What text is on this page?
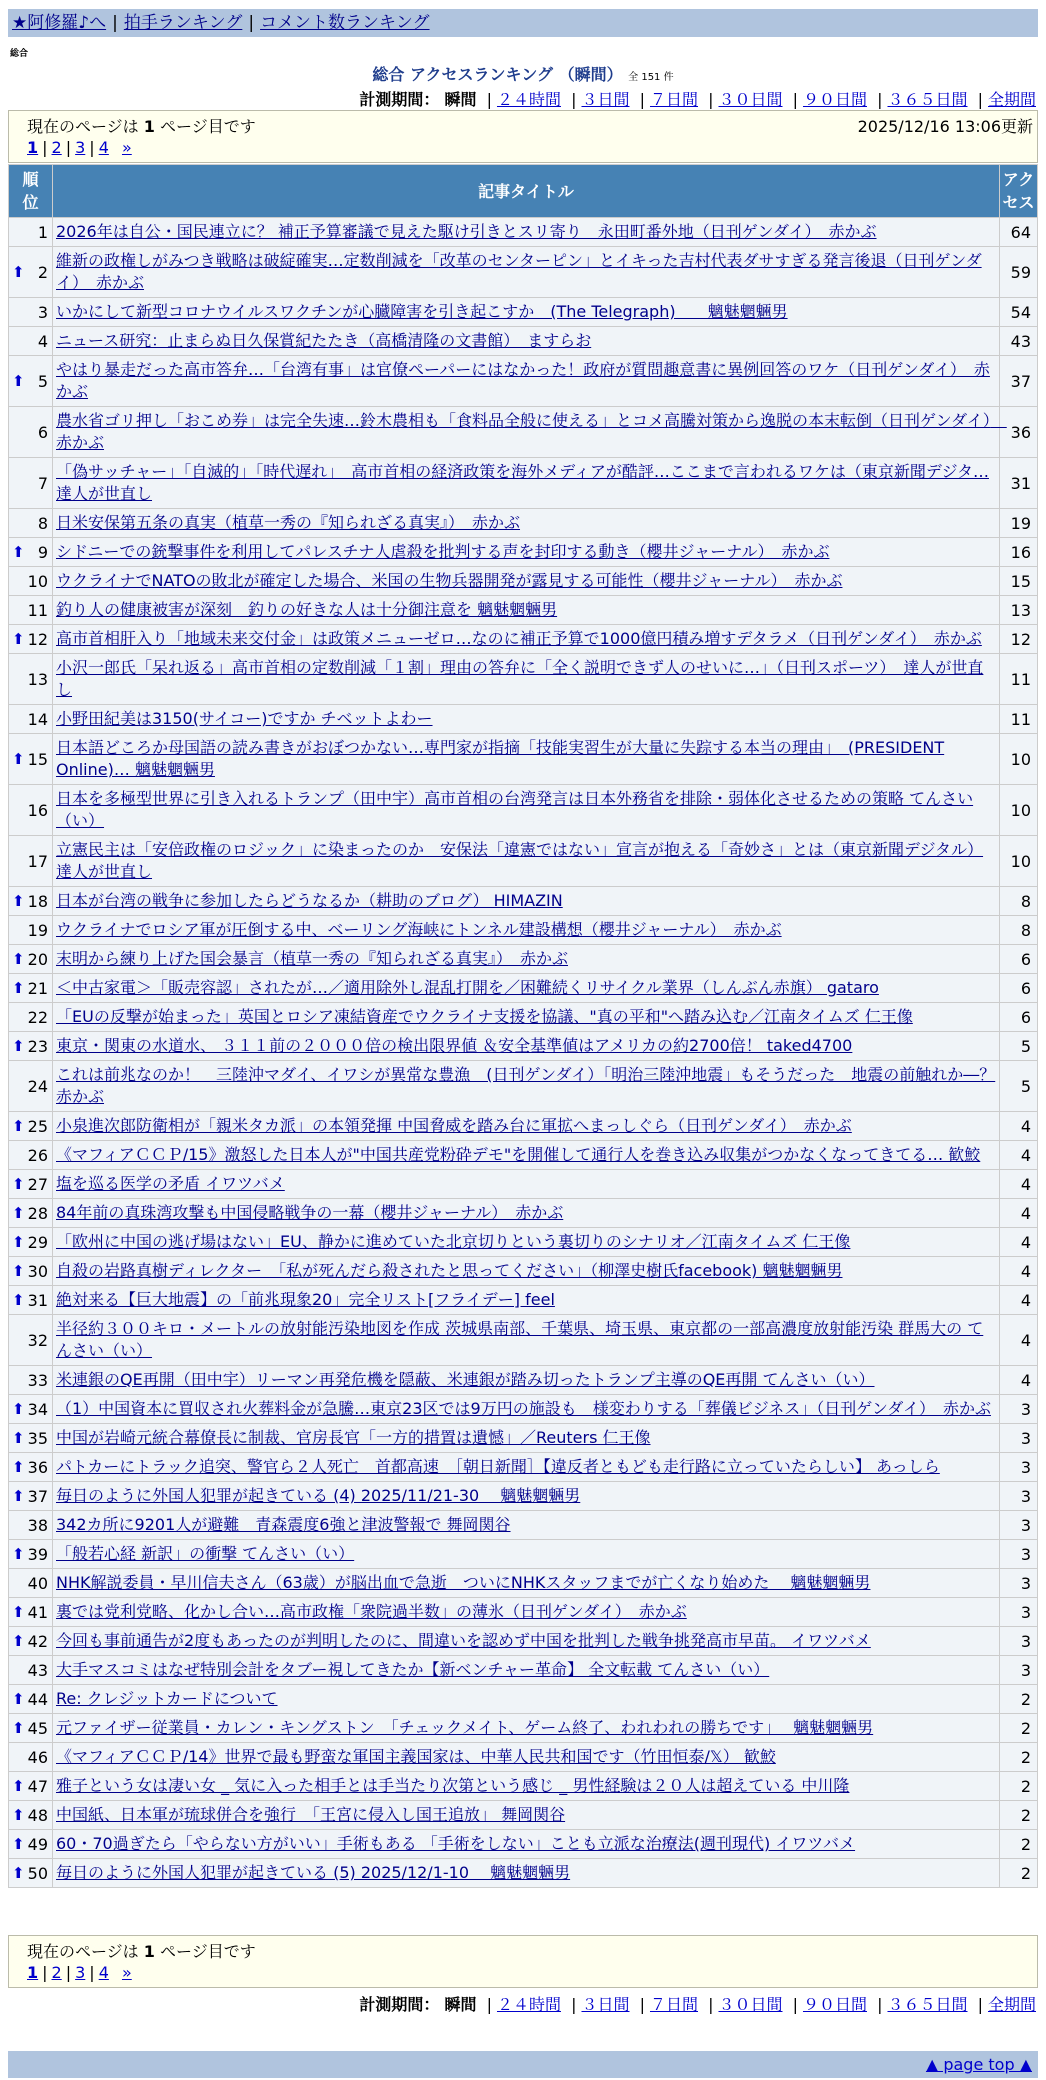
★阿修羅♪へ | 拍手ランキング | コメント数ランキング
総合
総合 アクセスランキング （瞬間） 全 151 件
計測期間： 瞬間 | ２４時間 | ３日間 | ７日間 | ３０日間 | ９０日間 | ３６５日間 | 全期間
現在のページは 1 ページ目です	2025/12/16 13:06更新
1 | 2 | 3 | 4 »
順位	記事タイトル	アクセス
1	2026年は自公・国民連立に？ 補正予算審議で見えた駆け引きとスリ寄り　永田町番外地（日刊ゲンダイ）　赤かぶ	64

⬆ 2	維新の政権しがみつき戦略は破綻確実…定数削減を「改革のセンターピン」とイキった吉村代表ダサすぎる発言後退（日刊ゲンダイ）　赤かぶ	59
3	いかにして新型コロナウイルスワクチンが心臓障害を引き起こすか　(The Telegraph)　　魑魅魍魎男	54
4	ニュース研究：止まらぬ日久保賞紀たたき（高橋清隆の文書館）　ますらお	43

⬆ 5	やはり暴走だった高市答弁…「台湾有事」は官僚ペーパーにはなかった！政府が質問趣意書に異例回答のワケ（日刊ゲンダイ）　赤かぶ	37
6	農水省ゴリ押し「おこめ券」は完全失速…鈴木農相も「食料品全般に使える」とコメ高騰対策から逸脱の本末転倒（日刊ゲンダイ）　赤かぶ	36
7	「偽サッチャー」「自滅的」「時代遅れ」　高市首相の経済政策を海外メディアが酷評…ここまで言われるワケは（東京新聞デジタ… 達人が世直し	31
8	日米安保第五条の真実（植草一秀の『知られざる真実』）　赤かぶ	19

⬆ 9	シドニーでの銃撃事件を利用してパレスチナ人虐殺を批判する声を封印する動き（櫻井ジャーナル）　赤かぶ	16
10	ウクライナでNATOの敗北が確定した場合、米国の生物兵器開発が露見する可能性（櫻井ジャーナル）　赤かぶ	15
11	釣り人の健康被害が深刻　釣りの好きな人は十分御注意を 魑魅魍魎男	13

⬆ 12	高市首相肝入り「地域未来交付金」は政策メニューゼロ…なのに補正予算で1000億円積み増すデタラメ（日刊ゲンダイ）　赤かぶ	12
13	小沢一郎氏「呆れ返る」高市首相の定数削減「１割」理由の答弁に「全く説明できず人のせいに…」（日刊スポーツ）　達人が世直し	11
14	小野田紀美は3150(サイコー)ですか チベットよわー	11

⬆ 15	日本語どころか母国語の読み書きがおぼつかない…専門家が指摘「技能実習生が大量に失踪する本当の理由」　(PRESIDENT Online)… 魑魅魍魎男	10
16	日本を多極型世界に引き入れるトランプ（田中宇）高市首相の台湾発言は日本外務省を排除・弱体化させるための策略 てんさい（い）	10
17	立憲民主は「安倍政権のロジック」に染まったのか　安保法「違憲ではない」宣言が抱える「奇妙さ」とは（東京新聞デジタル）達人が世直し	10

⬆ 18	日本が台湾の戦争に参加したらどうなるか（耕助のブログ） HIMAZIN	8
19	ウクライナでロシア軍が圧倒する中、ベーリング海峡にトンネル建設構想（櫻井ジャーナル）　赤かぶ	8

⬆ 20	末明から練り上げた国会暴言（植草一秀の『知られざる真実』）　赤かぶ	6

⬆ 21	＜中古家電＞「販売容認」されたが…／適用除外し混乱打開を／困難続くリサイクル業界（しんぶん赤旗） gataro	6
22	「EUの反撃が始まった」英国とロシア凍結資産でウクライナ支援を協議、"真の平和"へ踏み込む／江南タイムズ 仁王像	6

⬆ 23	東京・関東の水道水、 ３１１前の２０００倍の検出限界値 ＆安全基準値はアメリカの約2700倍！ taked4700	5
24	これは前兆なのか！　三陸沖マダイ、イワシが異常な豊漁　(日刊ゲンダイ）「明治三陸沖地震」もそうだった　地震の前触れか―？ 赤かぶ	5

⬆ 25	小泉進次郎防衛相が「親米タカ派」の本領発揮 中国脅威を踏み台に軍拡へまっしぐら（日刊ゲンダイ）　赤かぶ	4
26	《マフィアＣＣＰ/15》激怒した日本人が"中国共産党粉砕デモ"を開催して通行人を巻き込み収集がつかなくなってきてる… 歓鮫	4

⬆ 27	塩を巡る医学の矛盾 イワツバメ	4

⬆ 28	84年前の真珠湾攻撃も中国侵略戦争の一幕（櫻井ジャーナル）　赤かぶ	4

⬆ 29	「欧州に中国の逃げ場はない」EU、静かに進めていた北京切りという裏切りのシナリオ／江南タイムズ 仁王像	4

⬆ 30	自殺の岩路真樹ディレクター　「私が死んだら殺されたと思ってください」（柳澤史樹氏facebook) 魑魅魍魎男	4

⬆ 31	絶対来る【巨大地震】の「前兆現象20」完全リスト[フライデー] feel	4
32	半径約３００キロ・メートルの放射能汚染地図を作成 茨城県南部、千葉県、埼玉県、東京都の一部高濃度放射能汚染 群馬大の て んさい（い）	4
33	米連銀のQE再開（田中宇）リーマン再発危機を隠蔽、米連銀が踏み切ったトランプ主導のQE再開 てんさい（い）	4

⬆ 34	（1）中国資本に買収され火葬料金が急騰…東京23区では9万円の施設も　様変わりする「葬儀ビジネス」（日刊ゲンダイ）　赤かぶ	3

⬆ 35	中国が岩崎元統合幕僚長に制裁、官房長官「一方的措置は遺憾」／Reuters 仁王像	3

⬆ 36	パトカーにトラック追突、警官ら２人死亡　首都高速　［朝日新聞］【違反者ともども走行路に立っていたらしい】 あっしら	3

⬆ 37	毎日のように外国人犯罪が起きている (4) 2025/11/21-30　 魑魅魍魎男	3
38	342カ所に9201人が避難　青森震度6強と津波警報で 舞岡関谷	3

⬆ 39	「般若心経 新訳」の衝撃 てんさい（い）	3
40	NHK解説委員・早川信夫さん（63歳）が脳出血で急逝　ついにNHKスタッフまでが亡くなり始めた　 魑魅魍魎男	3

⬆ 41	裏では党利党略、化かし合い…高市政権「衆院過半数」の薄氷（日刊ゲンダイ）　赤かぶ	3

⬆ 42	今回も事前通告が2度もあったのが判明したのに、間違いを認めず中国を批判した戦争挑発高市早苗。 イワツバメ	3
43	大手マスコミはなぜ特別会計をタブー視してきたか【新ベンチャー革命】 全文転載 てんさい（い）	3

⬆ 44	Re: クレジットカードについて	2

⬆ 45	元ファイザー従業員・カレン・キングストン　「チェックメイト、ゲーム終了、われわれの勝ちです」　 魑魅魍魎男	2
46	《マフィアＣＣＰ/14》世界で最も野蛮な軍国主義国家は、中華人民共和国です（竹田恒泰/𝕏） 歓鮫	2

⬆ 47	雅子という女は凄い女 _ 気に入った相手とは手当たり次第という感じ _ 男性経験は２０人は超えている 中川隆	2

⬆ 48	中国紙、日本軍が琉球併合を強行　「王宮に侵入し国王追放」 舞岡関谷	2

⬆ 49	60・70過ぎたら「やらない方がいい」手術もある 「手術をしない」ことも立派な治療法(週刊現代) イワツバメ	2

⬆ 50	毎日のように外国人犯罪が起きている (5) 2025/12/1-10　 魑魅魍魎男	2
現在のページは 1 ページ目です
1 | 2 | 3 | 4 »
計測期間： 瞬間 | ２４時間 | ３日間 | ７日間 | ３０日間 | ９０日間 | ３６５日間 | 全期間
▲ page top ▲
